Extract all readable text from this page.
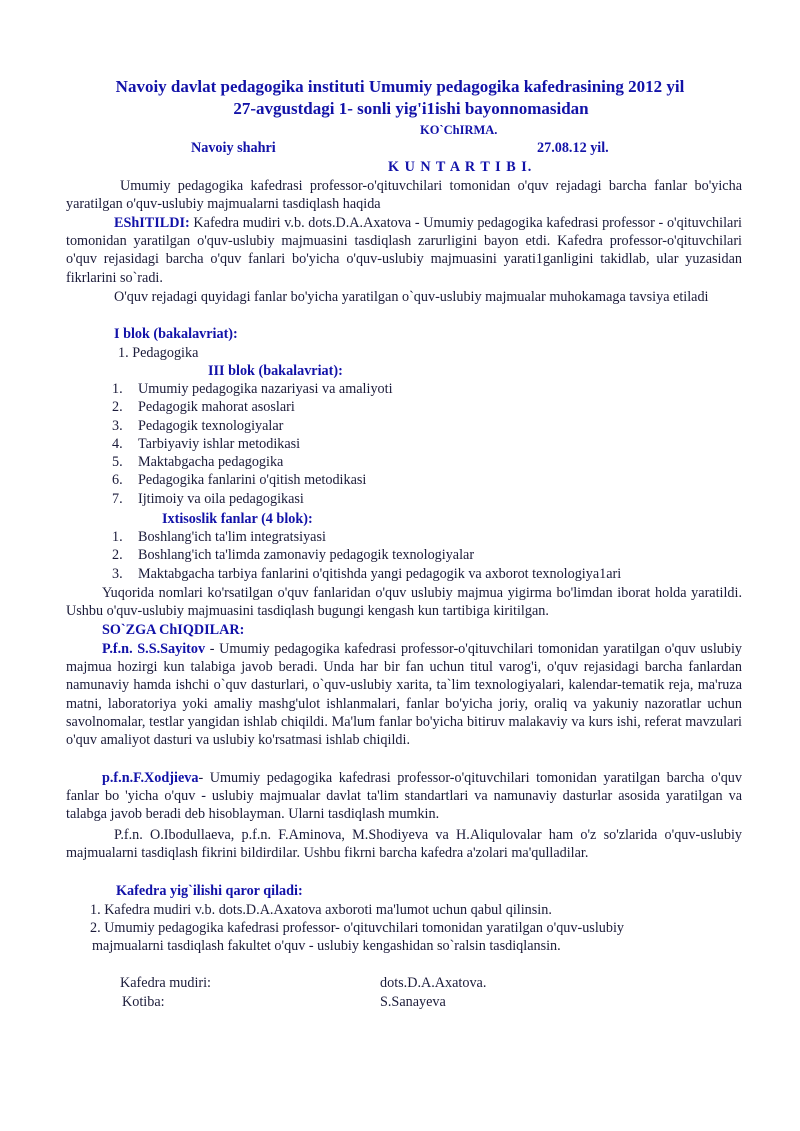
Navoiy davlat pedagogika instituti Umumiy pedagogika kafedrasining 2012 yil
27-avgustdagi 1- sonli yig'i1ishi bayonnomasidan
KO`ChIRMA.
Navoiy shahri	27.08.12 yil.
K U N T A R T I B I.
Umumiy pedagogika kafedrasi professor-o'qituvchilari tomonidan o'quv rejadagi barcha fanlar bo'yicha yaratilgan o'quv-uslubiy majmualarni tasdiqlash haqida
EShITILDI: Kafedra mudiri v.b. dots.D.A.Axatova - Umumiy pedagogika kafedrasi professor - o'qituvchilari tomonidan yaratilgan o'quv-uslubiy majmuasini tasdiqlash zarurligini bayon etdi. Kafedra professor-o'qituvchilari o'quv rejasidagi barcha o'quv fanlari bo'yicha o'quv-uslubiy majmuasini yarati1ganligini takidlab, ular yuzasidan fikrlarini so`radi.
O'quv rejadagi quyidagi fanlar bo'yicha yaratilgan o`quv-uslubiy majmualar muhokamaga tavsiya etiladi
I blok (bakalavriat):
1. Pedagogika
III blok (bakalavriat):
1. Umumiy pedagogika nazariyasi va amaliyoti
2. Pedagogik mahorat asoslari
3. Pedagogik texnologiyalar
4. Tarbiyaviy ishlar metodikasi
5. Maktabgacha pedagogika
6. Pedagogika fanlarini o'qitish metodikasi
7. Ijtimoiy va oila pedagogikasi
Ixtisoslik fanlar (4 blok):
1. Boshlang'ich ta'lim integratsiyasi
2. Boshlang'ich ta'limda zamonaviy pedagogik texnologiyalar
3. Maktabgacha tarbiya fanlarini o'qitishda yangi pedagogik va axborot texnologiya1ari
Yuqorida nomlari ko'rsatilgan o'quv fanlaridan o'quv uslubiy majmua yigirma bo'limdan iborat holda yaratildi. Ushbu o'quv-uslubiy majmuasini tasdiqlash bugungi kengash kun tartibiga kiritilgan.
SO`ZGA ChIQDILAR:
P.f.n. S.S.Sayitov - Umumiy pedagogika kafedrasi professor-o'qituvchilari tomonidan yaratilgan o'quv uslubiy majmua hozirgi kun talabiga javob beradi. Unda har bir fan uchun titul varog'i, o'quv rejasidagi barcha fanlardan namunaviy hamda ishchi o`quv dasturlari, o`quv-uslubiy xarita, ta`lim texnologiyalari, kalendar-tematik reja, ma'ruza matni, laboratoriya yoki amaliy mashg'ulot ishlanmalari, fanlar bo'yicha joriy, oraliq va yakuniy nazoratlar uchun savolnomalar, testlar yangidan ishlab chiqildi. Ma'lum fanlar bo'yicha bitiruv malakaviy va kurs ishi, referat mavzulari o'quv amaliyot dasturi va uslubiy ko'rsatmasi ishlab chiqildi.
p.f.n.F.Xodjieva- Umumiy pedagogika kafedrasi professor-o'qituvchilari tomonidan yaratilgan barcha o'quv fanlar bo 'yicha o'quv - uslubiy majmualar davlat ta'lim standartlari va namunaviy dasturlar asosida yaratilgan va talabga javob beradi deb hisoblayman. Ularni tasdiqlash mumkin.
P.f.n. O.Ibodullaeva, p.f.n. F.Aminova, M.Shodiyeva va H.Aliqulovalar ham o'z so'zlarida o'quv-uslubiy majmualarni tasdiqlash fikrini bildirdilar. Ushbu fikrni barcha kafedra a'zolari ma'qulladilar.
Kafedra yig`ilishi qaror qiladi:
1. Kafedra mudiri v.b. dots.D.A.Axatova axboroti ma'lumot uchun qabul qilinsin.
2. Umumiy pedagogika kafedrasi professor- o'qituvchilari tomonidan yaratilgan o'quv-uslubiy
majmualarni tasdiqlash fakultet o'quv - uslubiy kengashidan so`ralsin tasdiqlansin.
Kafedra mudiri:	dots.D.A.Axatova.
Kotiba:	S.Sanayeva
